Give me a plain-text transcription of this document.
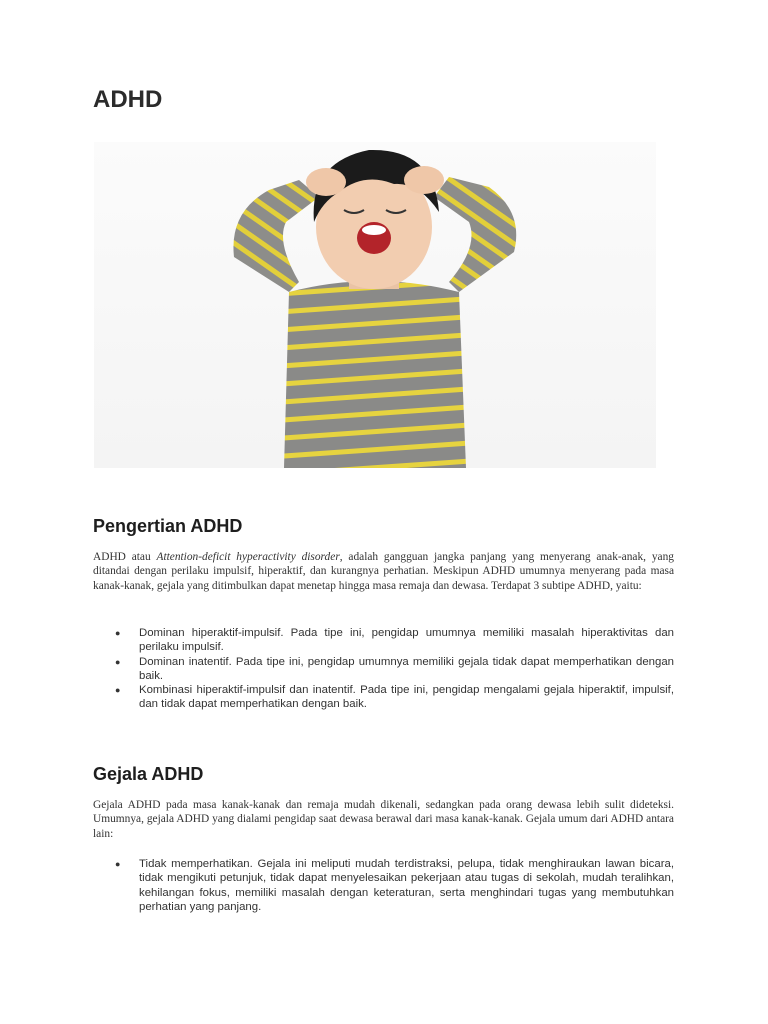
ADHD
Pengertian ADHD

ADHD atau Attention-deficit hyperactivity disorder, adalah gangguan jangka panjang yang menyerang anak-anak, yang ditandai dengan perilaku impulsif, hiperaktif, dan kurangnya perhatian. Meskipun ADHD umumnya menyerang pada masa kanak-kanak, gejala yang ditimbulkan dapat menetap hingga masa remaja dan dewasa. Terdapat 3 subtipe ADHD, yaitu:

●	Dominan hiperaktif-impulsif. Pada tipe ini, pengidap umumnya memiliki masalah hiperaktivitas dan perilaku impulsif.
●	Dominan inatentif. Pada tipe ini, pengidap umumnya memiliki gejala tidak dapat memperhatikan dengan baik.
●	Kombinasi hiperaktif-impulsif dan inatentif. Pada tipe ini, pengidap mengalami gejala hiperaktif, impulsif, dan tidak dapat memperhatikan dengan baik.
Gejala ADHD

Gejala ADHD pada masa kanak-kanak dan remaja mudah dikenali, sedangkan pada orang dewasa lebih sulit dideteksi. Umumnya, gejala ADHD yang dialami pengidap saat dewasa berawal dari masa kanak-kanak. Gejala umum dari ADHD antara lain:

●	Tidak memperhatikan. Gejala ini meliputi mudah terdistraksi, pelupa, tidak menghiraukan lawan bicara, tidak mengikuti petunjuk, tidak dapat menyelesaikan pekerjaan atau tugas di sekolah, mudah teralihkan, kehilangan fokus, memiliki masalah dengan keteraturan, serta menghindari tugas yang membutuhkan perhatian yang panjang.
